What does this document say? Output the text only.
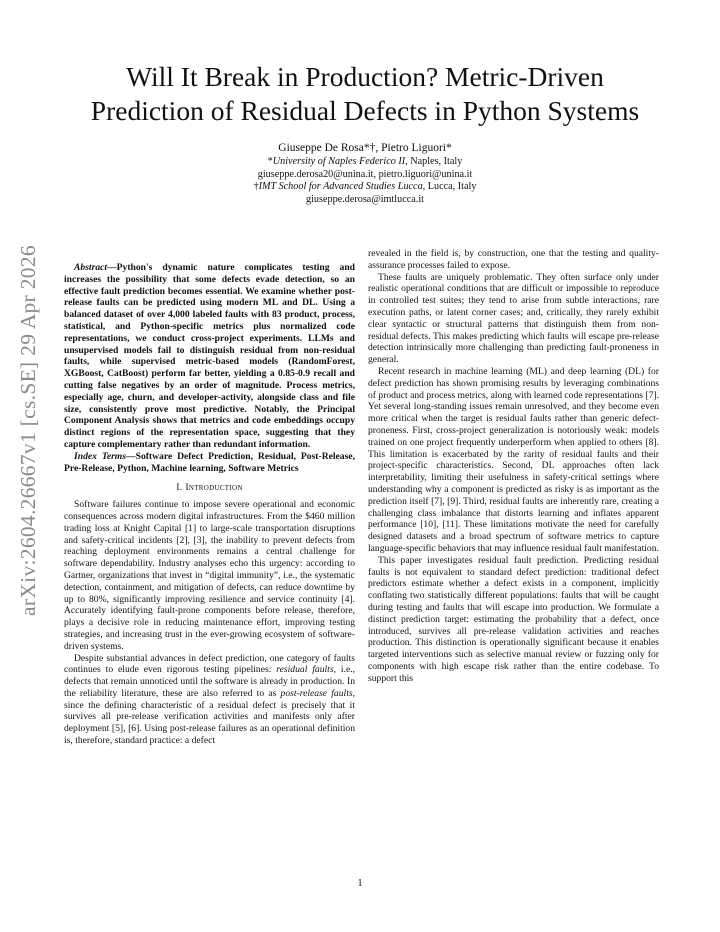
arXiv:2604.26667v1 [cs.SE] 29 Apr 2026
Will It Break in Production? Metric-Driven
Prediction of Residual Defects in Python Systems
Giuseppe De Rosa*†, Pietro Liguori*
*University of Naples Federico II, Naples, Italy
giuseppe.derosa20@unina.it, pietro.liguori@unina.it
†IMT School for Advanced Studies Lucca, Lucca, Italy
giuseppe.derosa@imtlucca.it

Abstract—Python's dynamic nature complicates testing and increases the possibility that some defects evade detection, so an effective fault prediction becomes essential. We examine whether post-release faults can be predicted using modern ML and DL. Using a balanced dataset of over 4,000 labeled faults with 83 product, process, statistical, and Python-specific metrics plus normalized code representations, we conduct cross-project experiments. LLMs and unsupervised models fail to distinguish residual from non-residual faults, while supervised metric-based models (RandomForest, XGBoost, CatBoost) perform far better, yielding a 0.85-0.9 recall and cutting false negatives by an order of magnitude. Process metrics, especially age, churn, and developer-activity, alongside class and file size, consistently prove most predictive. Notably, the Principal Component Analysis shows that metrics and code embeddings occupy distinct regions of the representation space, suggesting that they capture complementary rather than redundant information.

Index Terms—Software Defect Prediction, Residual, Post-Release, Pre-Release, Python, Machine learning, Software Metrics

I. Introduction

Software failures continue to impose severe operational and economic consequences across modern digital infrastructures. From the $460 million trading loss at Knight Capital [1] to large-scale transportation disruptions and safety-critical incidents [2], [3], the inability to prevent defects from reaching deployment environments remains a central challenge for software dependability. Industry analyses echo this urgency: according to Gartner, organizations that invest in “digital immunity”, i.e., the systematic detection, containment, and mitigation of defects, can reduce downtime by up to 80%, significantly improving resilience and service continuity [4]. Accurately identifying fault-prone components before release, therefore, plays a decisive role in reducing maintenance effort, improving testing strategies, and increasing trust in the ever-growing ecosystem of software-driven systems.

Despite substantial advances in defect prediction, one category of faults continues to elude even rigorous testing pipelines: residual faults, i.e., defects that remain unnoticed until the software is already in production. In the reliability literature, these are also referred to as post-release faults, since the defining characteristic of a residual defect is precisely that it survives all pre-release verification activities and manifests only after deployment [5], [6]. Using post-release failures as an operational definition is, therefore, standard practice: a defect

revealed in the field is, by construction, one that the testing and quality-assurance processes failed to expose.

These faults are uniquely problematic. They often surface only under realistic operational conditions that are difficult or impossible to reproduce in controlled test suites; they tend to arise from subtle interactions, rare execution paths, or latent corner cases; and, critically, they rarely exhibit clear syntactic or structural patterns that distinguish them from non-residual defects. This makes predicting which faults will escape pre-release detection intrinsically more challenging than predicting fault-proneness in general.

Recent research in machine learning (ML) and deep learning (DL) for defect prediction has shown promising results by leveraging combinations of product and process metrics, along with learned code representations [7]. Yet several long-standing issues remain unresolved, and they become even more critical when the target is residual faults rather than generic defect-proneness. First, cross-project generalization is notoriously weak: models trained on one project frequently underperform when applied to others [8]. This limitation is exacerbated by the rarity of residual faults and their project-specific characteristics. Second, DL approaches often lack interpretability, limiting their usefulness in safety-critical settings where understanding why a component is predicted as risky is as important as the prediction itself [7], [9]. Third, residual faults are inherently rare, creating a challenging class imbalance that distorts learning and inflates apparent performance [10], [11]. These limitations motivate the need for carefully designed datasets and a broad spectrum of software metrics to capture language-specific behaviors that may influence residual fault manifestation.

This paper investigates residual fault prediction. Predicting residual faults is not equivalent to standard defect prediction: traditional defect predictors estimate whether a defect exists in a component, implicitly conflating two statistically different populations: faults that will be caught during testing and faults that will escape into production. We formulate a distinct prediction target: estimating the probability that a defect, once introduced, survives all pre-release validation activities and reaches production. This distinction is operationally significant because it enables targeted interventions such as selective manual review or fuzzing only for components with high escape risk rather than the entire codebase. To support this

1
